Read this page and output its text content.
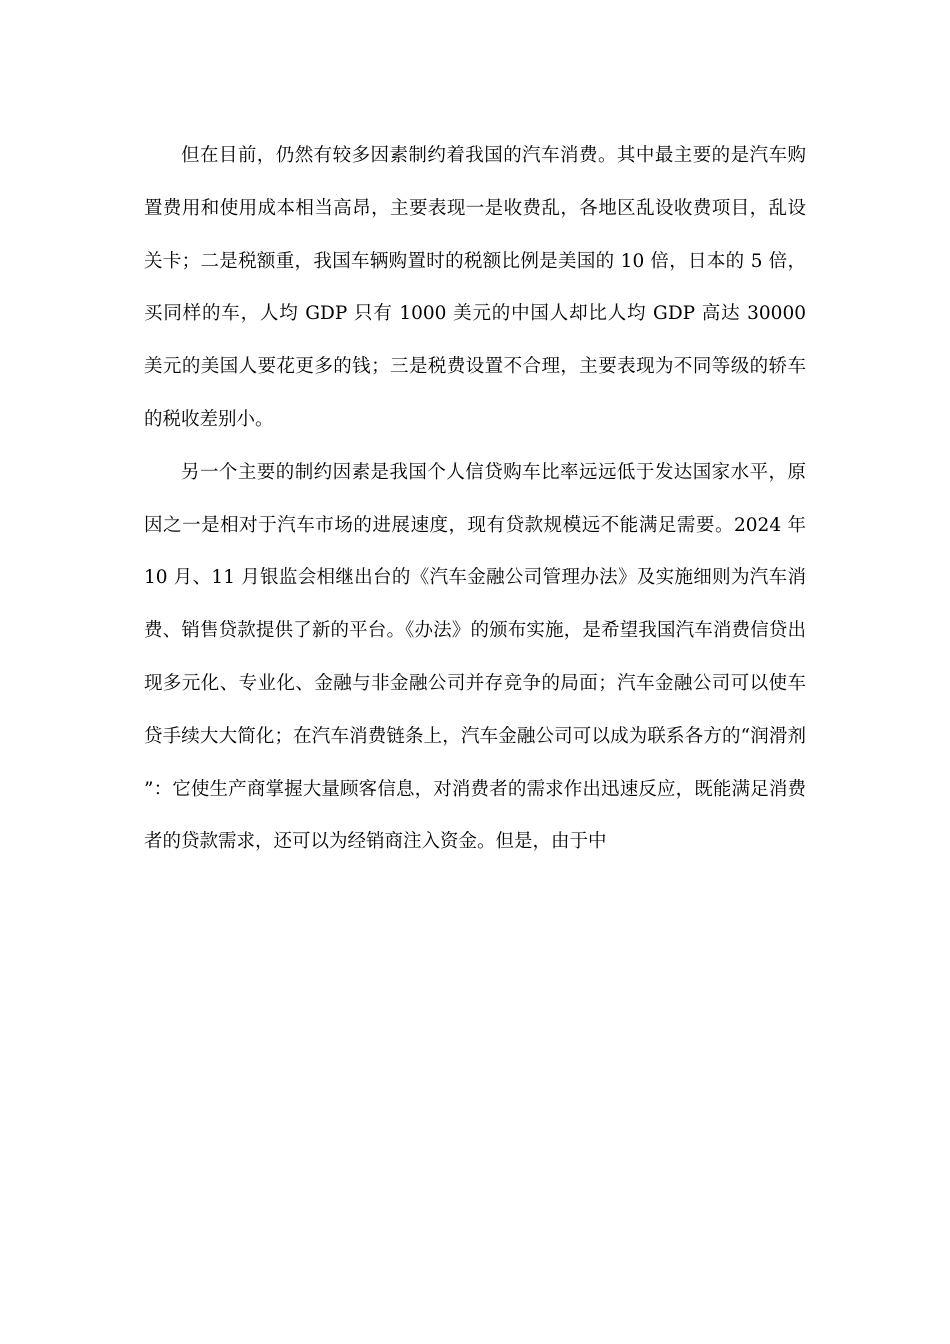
但在目前，仍然有较多因素制约着我国的汽车消费。其中最主要的是汽车购置费用和使用成本相当高昂，主要表现一是收费乱，各地区乱设收费项目，乱设关卡；二是税额重，我国车辆购置时的税额比例是美国的 10 倍，日本的 5 倍，买同样的车，人均 GDP 只有 1000 美元的中国人却比人均 GDP 高达 30000 美元的美国人要花更多的钱；三是税费设置不合理，主要表现为不同等级的轿车的税收差别小。

另一个主要的制约因素是我国个人信贷购车比率远远低于发达国家水平，原因之一是相对于汽车市场的进展速度，现有贷款规模远不能满足需要。2024 年 10 月、11 月银监会相继出台的《汽车金融公司管理办法》及实施细则为汽车消费、销售贷款提供了新的平台。《办法》的颁布实施，是希望我国汽车消费信贷出现多元化、专业化、金融与非金融公司并存竞争的局面；汽车金融公司可以使车贷手续大大简化；在汽车消费链条上，汽车金融公司可以成为联系各方的“润滑剂”：它使生产商掌握大量顾客信息，对消费者的需求作出迅速反应，既能满足消费者的贷款需求，还可以为经销商注入资金。但是，由于中
